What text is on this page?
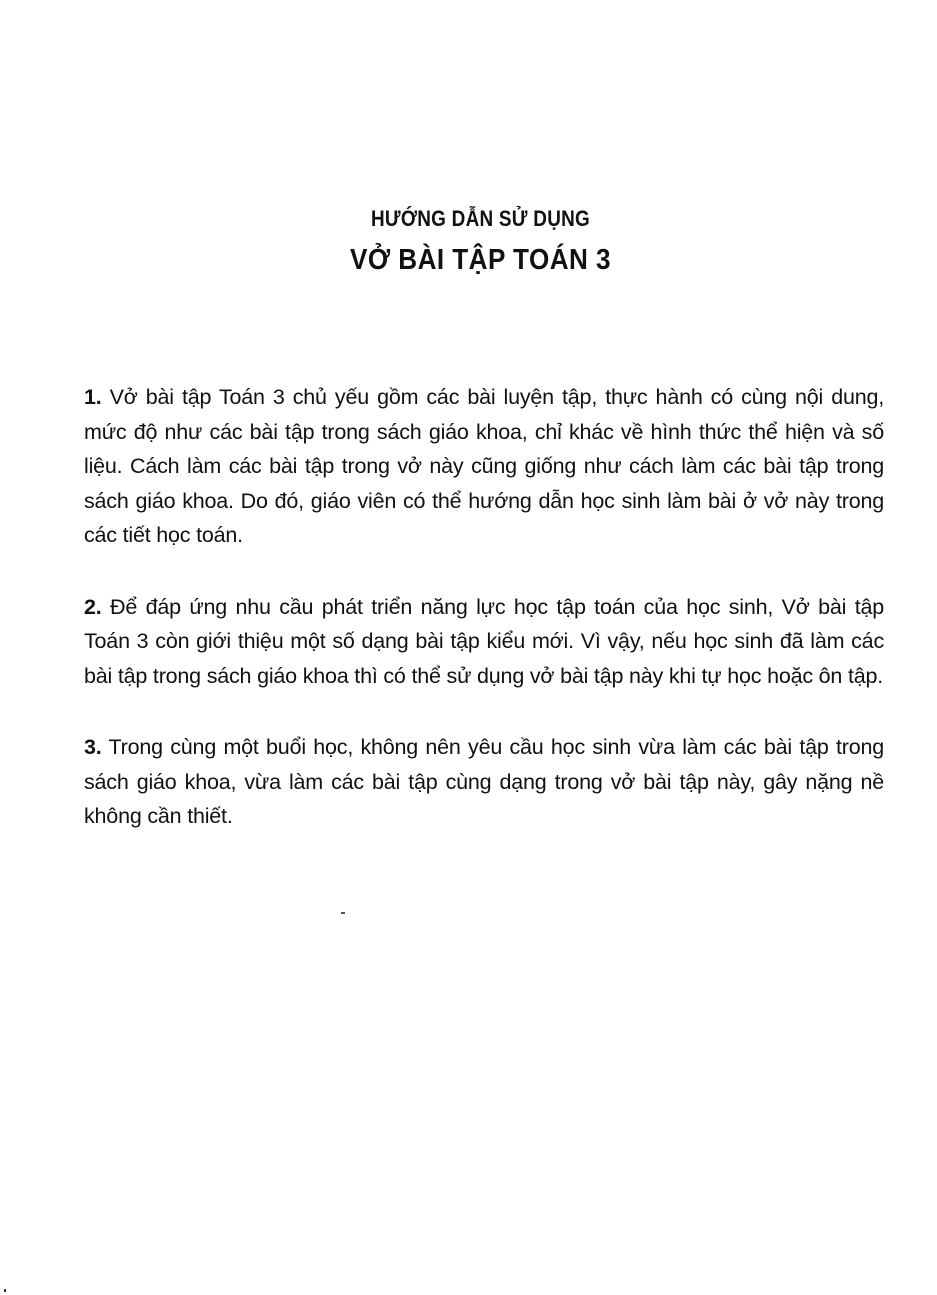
HƯỚNG DẪN SỬ DỤNG
VỞ BÀI TẬP TOÁN 3

1. Vở bài tập Toán 3 chủ yếu gồm các bài luyện tập, thực hành có cùng nội dung, mức độ như các bài tập trong sách giáo khoa, chỉ khác về hình thức thể hiện và số liệu. Cách làm các bài tập trong vở này cũng giống như cách làm các bài tập trong sách giáo khoa. Do đó, giáo viên có thể hướng dẫn học sinh làm bài ở vở này trong các tiết học toán.

2. Để đáp ứng nhu cầu phát triển năng lực học tập toán của học sinh, Vở bài tập Toán 3 còn giới thiệu một số dạng bài tập kiểu mới. Vì vậy, nếu học sinh đã làm các bài tập trong sách giáo khoa thì có thể sử dụng vở bài tập này khi tự học hoặc ôn tập.

3. Trong cùng một buổi học, không nên yêu cầu học sinh vừa làm các bài tập trong sách giáo khoa, vừa làm các bài tập cùng dạng trong vở bài tập này, gây nặng nề không cần thiết.
